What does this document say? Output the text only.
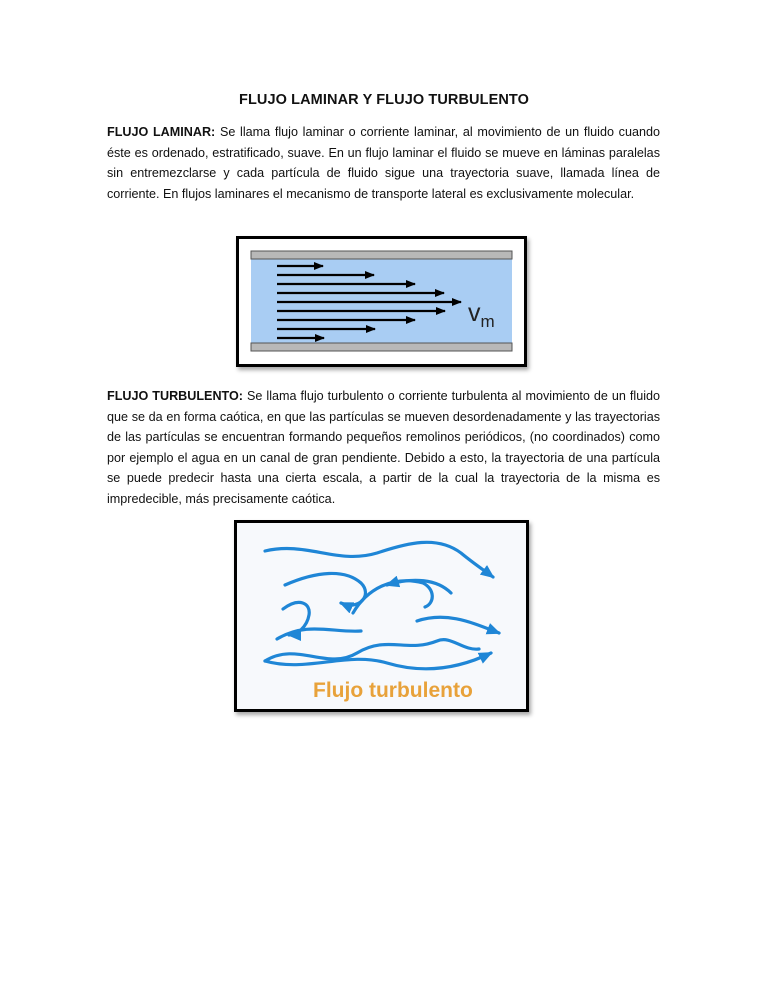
FLUJO LAMINAR Y FLUJO TURBULENTO
FLUJO LAMINAR: Se llama flujo laminar o corriente laminar, al movimiento de un fluido cuando éste es ordenado, estratificado, suave. En un flujo laminar el fluido se mueve en láminas paralelas sin entremezclarse y cada partícula de fluido sigue una trayectoria suave, llamada línea de corriente. En flujos laminares el mecanismo de transporte lateral es exclusivamente molecular.
$v_m$
FLUJO TURBULENTO: Se llama flujo turbulento o corriente turbulenta al movimiento de un fluido que se da en forma caótica, en que las partículas se mueven desordenadamente y las trayectorias de las partículas se encuentran formando pequeños remolinos periódicos, (no coordinados) como por ejemplo el agua en un canal de gran pendiente. Debido a esto, la trayectoria de una partícula se puede predecir hasta una cierta escala, a partir de la cual la trayectoria de la misma es impredecible, más precisamente caótica.
Flujo turbulento
